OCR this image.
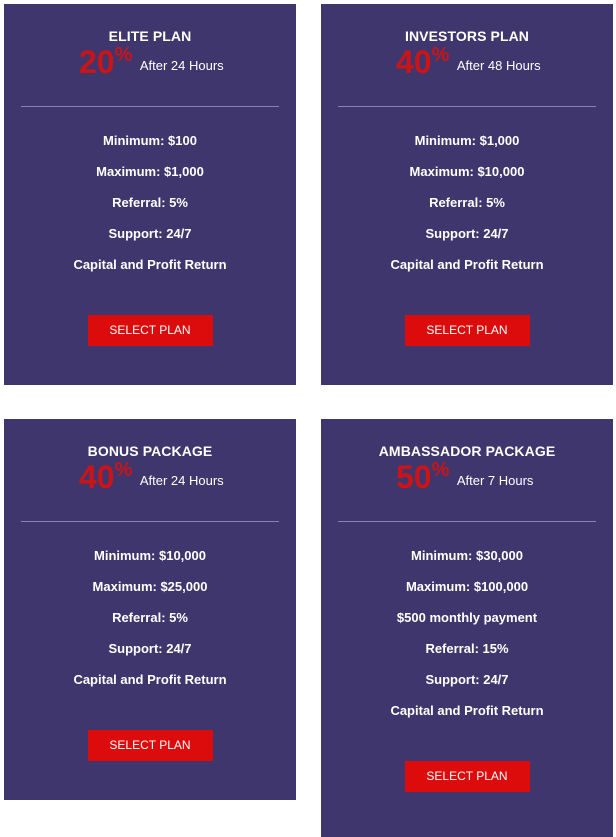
ELITE PLAN
20% After 24 Hours
Minimum: $100
Maximum: $1,000
Referral: 5%
Support: 24/7
Capital and Profit Return
SELECT PLAN
INVESTORS PLAN
40% After 48 Hours
Minimum: $1,000
Maximum: $10,000
Referral: 5%
Support: 24/7
Capital and Profit Return
SELECT PLAN
BONUS PACKAGE
40% After 24 Hours
Minimum: $10,000
Maximum: $25,000
Referral: 5%
Support: 24/7
Capital and Profit Return
SELECT PLAN
AMBASSADOR PACKAGE
50% After 7 Hours
Minimum: $30,000
Maximum: $100,000
$500 monthly payment
Referral: 15%
Support: 24/7
Capital and Profit Return
SELECT PLAN
